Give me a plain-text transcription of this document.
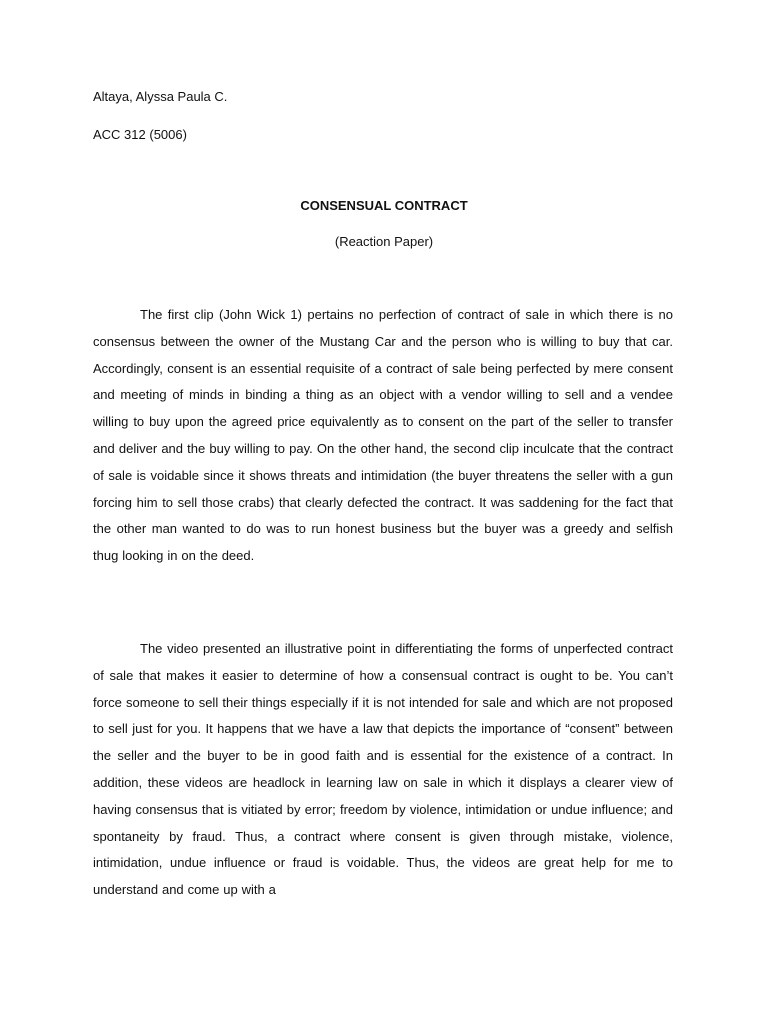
Altaya, Alyssa Paula C.

ACC 312 (5006)

CONSENSUAL CONTRACT

(Reaction Paper)

The first clip (John Wick 1) pertains no perfection of contract of sale in which there is no consensus between the owner of the Mustang Car and the person who is willing to buy that car. Accordingly, consent is an essential requisite of a contract of sale being perfected by mere consent and meeting of minds in binding a thing as an object with a vendor willing to sell and a vendee willing to buy upon the agreed price equivalently as to consent on the part of the seller to transfer and deliver and the buy willing to pay. On the other hand, the second clip inculcate that the contract of sale is voidable since it shows threats and intimidation (the buyer threatens the seller with a gun forcing him to sell those crabs) that clearly defected the contract. It was saddening for the fact that the other man wanted to do was to run honest business but the buyer was a greedy and selfish thug looking in on the deed.

The video presented an illustrative point in differentiating the forms of unperfected contract of sale that makes it easier to determine of how a consensual contract is ought to be. You can’t force someone to sell their things especially if it is not intended for sale and which are not proposed to sell just for you. It happens that we have a law that depicts the importance of “consent” between the seller and the buyer to be in good faith and is essential for the existence of a contract. In addition, these videos are headlock in learning law on sale in which it displays a clearer view of having consensus that is vitiated by error; freedom by violence, intimidation or undue influence; and spontaneity by fraud. Thus, a contract where consent is given through mistake, violence, intimidation, undue influence or fraud is voidable. Thus, the videos are great help for me to understand and come up with a
